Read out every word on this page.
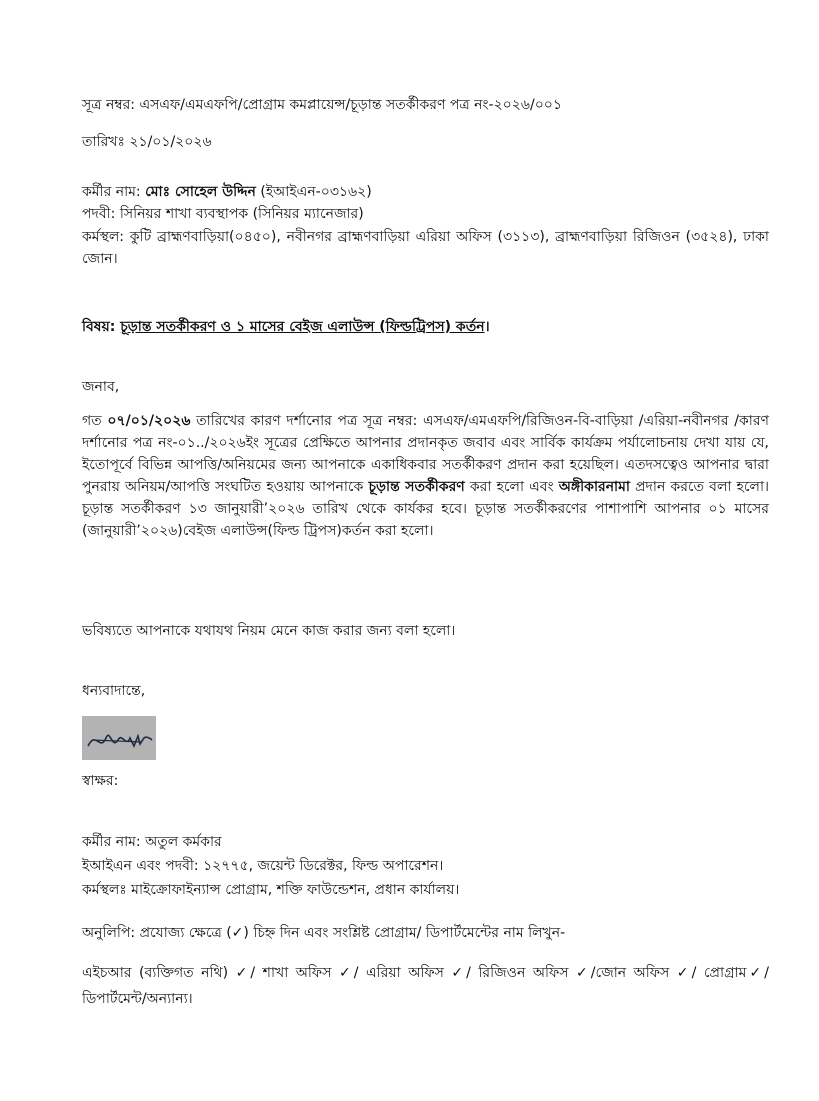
সূত্র নম্বর: এসএফ/এমএফপি/প্রোগ্রাম কমপ্লায়েন্স/চূড়ান্ত সতর্কীকরণ পত্র নং-২০২৬/০০১
তারিখঃ ২১/০১/২০২৬
কর্মীর নাম: মোঃ সোহেল উদ্দিন (ইআইএন-০৩১৬২)
পদবী: সিনিয়র শাখা ব্যবস্থাপক (সিনিয়র ম্যানেজার)
কর্মস্থল: কুটি ব্রাহ্মণবাড়িয়া(০৪৫০), নবীনগর ব্রাহ্মণবাড়িয়া এরিয়া অফিস (৩১১৩), ব্রাহ্মণবাড়িয়া রিজিওন (৩৫২৪), ঢাকা জোন।
বিষয়: চূড়ান্ত সতর্কীকরণ ও ১ মাসের বেইজ এলাউন্স (ফিল্ডট্রিপস) কর্তন।
জনাব,
গত ০৭/০১/২০২৬ তারিখের কারণ দর্শানোর পত্র সূত্র নম্বর: এসএফ/এমএফপি/রিজিওন-বি-বাড়িয়া /এরিয়া-নবীনগর /কারণ দর্শানোর পত্র নং-০১../২০২৬ইং সূত্রের প্রেক্ষিতে আপনার প্রদানকৃত জবাব এবং সার্বিক কার্যক্রম পর্যালোচনায় দেখা যায় যে, ইতোপূর্বে বিভিন্ন আপত্তি/অনিয়মের জন্য আপনাকে একাধিকবার সতর্কীকরণ প্রদান করা হয়েছিল। এতদসত্বেও আপনার দ্বারা পুনরায় অনিয়ম/আপত্তি সংঘটিত হওয়ায় আপনাকে চূড়ান্ত সতর্কীকরণ করা হলো এবং অঙ্গীকারনামা প্রদান করতে বলা হলো। চূড়ান্ত সতর্কীকরণ ১৩ জানুয়ারী’২০২৬ তারিখ থেকে কার্যকর হবে। চূড়ান্ত সতর্কীকরণের পাশাপাশি আপনার ০১ মাসের (জানুয়ারী’২০২৬)বেইজ এলাউন্স(ফিল্ড ট্রিপস)কর্তন করা হলো।
ভবিষ্যতে আপনাকে যথাযথ নিয়ম মেনে কাজ করার জন্য বলা হলো।
ধন্যবাদান্তে,
স্বাক্ষর:
কর্মীর নাম: অতুল কর্মকার
ইআইএন এবং পদবী: ১২৭৭৫, জয়েন্ট ডিরেক্টর, ফিল্ড অপারেশন।
কর্মস্থলঃ মাইক্রোফাইন্যান্স প্রোগ্রাম, শক্তি ফাউন্ডেশন, প্রধান কার্যালয়।
অনুলিপি: প্রযোজ্য ক্ষেত্রে (✓) চিহ্ন দিন এবং সংশ্লিষ্ট প্রোগ্রাম/ ডিপার্টমেন্টের নাম লিখুন-
এইচআর (ব্যক্তিগত নথি) ✓/ শাখা অফিস ✓/ এরিয়া অফিস ✓/ রিজিওন অফিস ✓/জোন অফিস ✓/ প্রোগ্রাম✓/ ডিপার্টমেন্ট/অন্যান্য।
